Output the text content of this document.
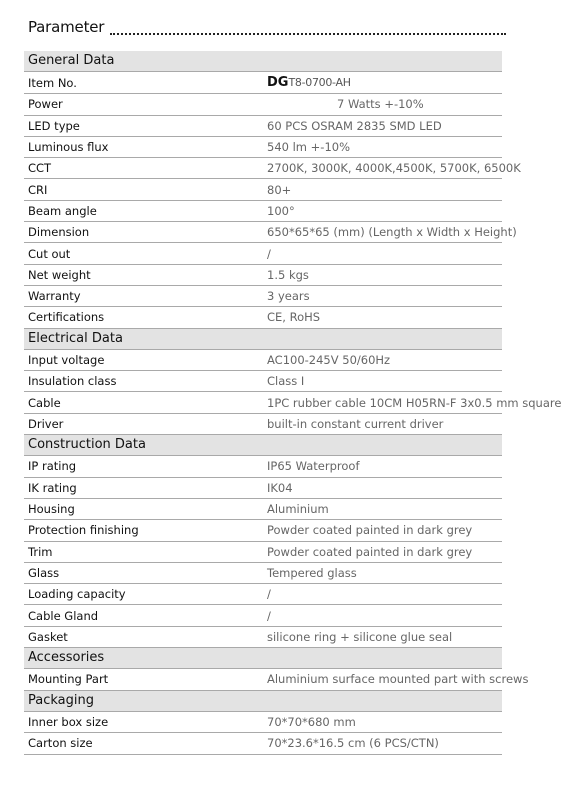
Parameter
General Data	
Item No.	DGT8-0700-AH
Power	7 Watts +-10%
LED type	60 PCS OSRAM 2835 SMD LED
Luminous flux	540 lm +-10%
CCT	2700K, 3000K, 4000K,4500K, 5700K, 6500K
CRI	80+
Beam angle	100°
Dimension	650*65*65 (mm) (Length x Width x Height)
Cut out	/
Net weight	1.5 kgs
Warranty	3 years
Certifications	CE, RoHS
Electrical Data	
Input voltage	AC100-245V 50/60Hz
Insulation class	Class I
Cable	1PC rubber cable 10CM H05RN-F 3x0.5 mm square
Driver	built-in constant current driver
Construction Data	
IP rating	IP65 Waterproof
IK rating	IK04
Housing	Aluminium
Protection finishing	Powder coated painted in dark grey
Trim	Powder coated painted in dark grey
Glass	Tempered glass
Loading capacity	/
Cable Gland	/
Gasket	silicone ring + silicone glue seal
Accessories	
Mounting Part	Aluminium surface mounted part with screws
Packaging	
Inner box size	70*70*680 mm
Carton size	70*23.6*16.5 cm (6 PCS/CTN)
